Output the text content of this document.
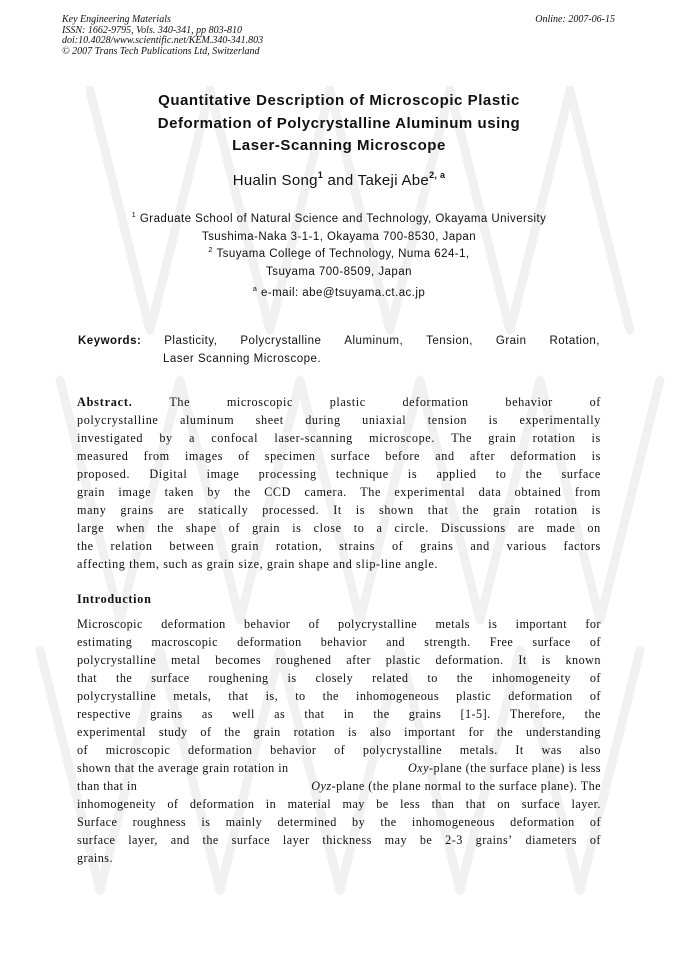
Key Engineering Materials
ISSN: 1662-9795, Vols. 340-341, pp 803-810
doi:10.4028/www.scientific.net/KEM.340-341.803
© 2007 Trans Tech Publications Ltd, Switzerland
Online: 2007-06-15
Quantitative Description of Microscopic Plastic
Deformation of Polycrystalline Aluminum using
Laser-Scanning Microscope
Hualin Song$^1$ and Takeji Abe$^{2, a}$
$^1$ Graduate School of Natural Science and Technology, Okayama University
Tsushima-Naka 3-1-1, Okayama 700-8530, Japan
$^2$ Tsuyama College of Technology, Numa 624-1,
Tsuyama 700-8509, Japan
$^a$ e-mail: abe@tsuyama.ct.ac.jp
Keywords: Plasticity, Polycrystalline Aluminum, Tension, Grain Rotation,
Laser Scanning Microscope.
Abstract.	The	microscopic	plastic	deformation	behavior	of
polycrystalline aluminum sheet during uniaxial tension is experimentally
investigated by a confocal laser-scanning microscope. The grain rotation is
measured from images of specimen surface before and after deformation is
proposed. Digital image processing technique is applied to the surface
grain image taken by the CCD camera. The experimental data obtained from
many grains are statically processed. It is shown that the grain rotation is
large when the shape of grain is close to a circle. Discussions are made on
the relation between grain rotation, strains of grains and various factors
affecting them, such as grain size, grain shape and slip-line angle.
Introduction
Microscopic deformation behavior of polycrystalline metals is important for
estimating macroscopic deformation behavior and strength. Free surface of
polycrystalline metal becomes roughened after plastic deformation. It is known
that the surface roughening is closely related to the inhomogeneity of
polycrystalline metals, that is, to the inhomogeneous plastic deformation of
respective grains as well as that in the grains [1-5]. Therefore, the
experimental study of the grain rotation is also important for the understanding
of microscopic deformation behavior of polycrystalline metals. It was also
shown that the average grain rotation in	Oxy-plane (the surface plane) is less
than that in	Oyz-plane (the plane normal to the surface plane). The
inhomogeneity of deformation in material may be less than that on surface layer.
Surface roughness is mainly determined by the inhomogeneous deformation of
surface layer, and the surface layer thickness may be 2-3 grains’ diameters of
grains.
